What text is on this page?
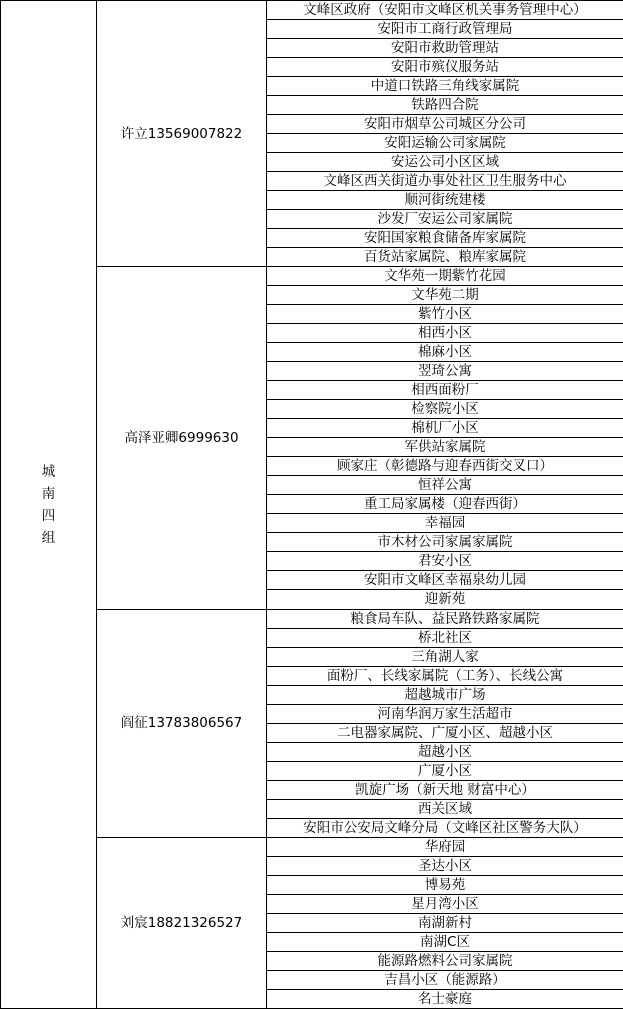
城
南
四
组	许立13569007822	文峰区政府（安阳市文峰区机关事务管理中心）
		安阳市工商行政管理局
		安阳市救助管理站
		安阳市殡仪服务站
		中道口铁路三角线家属院
		铁路四合院
		安阳市烟草公司城区分公司
		安阳运输公司家属院
		安运公司小区区域
		文峰区西关街道办事处社区卫生服务中心
		顺河街统建楼
		沙发厂安运公司家属院
		安阳国家粮食储备库家属院
		百货站家属院、粮库家属院
	高泽亚卿6999630	文华苑一期紫竹花园
		文华苑二期
		紫竹小区
		相西小区
		棉麻小区
		翌琦公寓
		相西面粉厂
		检察院小区
		棉机厂小区
		军供站家属院
		顾家庄（彰德路与迎春西街交叉口）
		恒祥公寓
		重工局家属楼（迎春西街）
		幸福园
		市木材公司家属家属院
		君安小区
		安阳市文峰区幸福泉幼儿园
		迎新苑
	阎征13783806567	粮食局车队、益民路铁路家属院
		桥北社区
		三角湖人家
		面粉厂、长线家属院（工务）、长线公寓
		超越城市广场
		河南华润万家生活超市
		二电器家属院、广厦小区、超越小区
		超越小区
		广厦小区
		凯旋广场（新天地 财富中心）
		西关区域
		安阳市公安局文峰分局（文峰区社区警务大队）
	刘宸18821326527	华府园
		圣达小区
		博易苑
		星月湾小区
		南湖新村
		南湖C区
		能源路燃料公司家属院
		吉昌小区（能源路）
		名士豪庭
